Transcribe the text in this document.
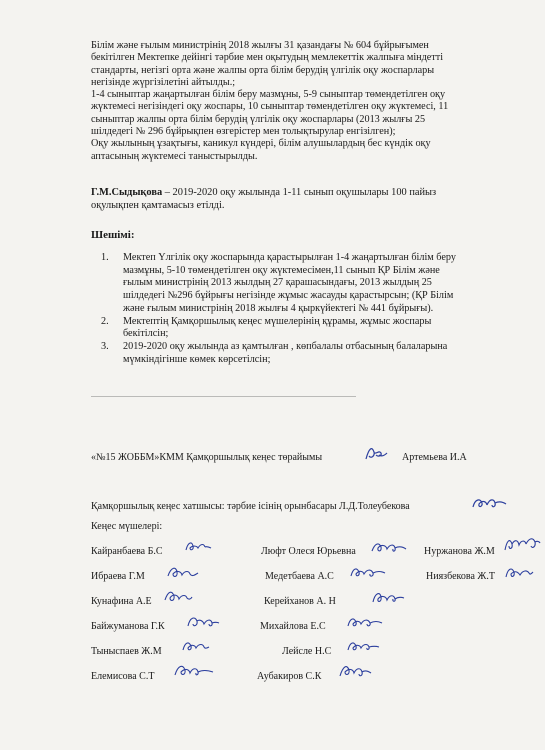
Білім және ғылым министрінің 2018 жылғы 31 қазандағы № 604 бұйрығымен
бекітілген Мектепке дейінгі тәрбие мен оқытудың мемлекеттік жалпыға міндетті
стандарты, негізгі орта және жалпы орта білім берудің үлгілік оқу жоспарлары
негізінде жүргізілетіні айтылды.;
1-4 сыныптар жаңартылған білім беру мазмұны, 5-9 сыныптар төмендетілген оқу
жүктемесі негізіндегі оқу жоспары, 10 сыныптар төмендетілген оқу жүктемесі, 11
сыныптар жалпы орта білім берудің үлгілік оқу жоспарлары (2013 жылғы 25
шілдедегі № 296 бұйрықпен өзгерістер мен толықтырулар енгізілген);
Оқу жылының ұзақтығы, каникул күндері, білім алушылардың бес күндік оқу
аптасының жүктемесі таныстырылды.
Г.М.Сыдықова – 2019-2020 оқу жылында 1-11 сынып оқушылары 100 пайыз
оқулықпен қамтамасыз етілді.
Шешімі:
1. Мектеп Үлгілік оқу жоспарында қарастырылған 1-4 жаңартылған білім беру
мазмұны, 5-10 төмендетілген оқу жүктемесімен,11 сынып ҚР Білім және
ғылым министрінің 2013 жылдың 27 қарашасындағы, 2013 жылдың 25
шілдедегі №296 бұйрығы негізінде жұмыс жасауды қарастырсын; (ҚР Білім
және ғылым министрінің 2018 жылғы 4 қыркүйектегі № 441 бұйрығы).
2. Мектептің Қамқоршылық кеңес мүшелерінің құрамы, жұмыс жоспары
бекітілсін;
3. 2019-2020 оқу жылында аз қамтылған , көпбалалы отбасының балаларына
мүмкіндігінше көмек көрсетілсін;
«№15 ЖОББМ»КММ Қамқоршылық кеңес төрайымы	Артемьева И.А
Қамқоршылық кеңес хатшысы: тәрбие ісінің орынбасары Л.Д.Толеубекова
Кеңес мүшелері:
Кайранбаева Б.С	Люфт Олеся Юрьевна	Нуржанова Ж.М
Ибраева Г.М	Медетбаева А.С	Ниязбекова Ж.Т
Кунафина А.Е	Керейханов А. Н
Байжуманова Г.К	Михайлова Е.С
Тыныспаев Ж.М	Лейсле Н.С
Елемисова С.Т	Аубакиров С.К
